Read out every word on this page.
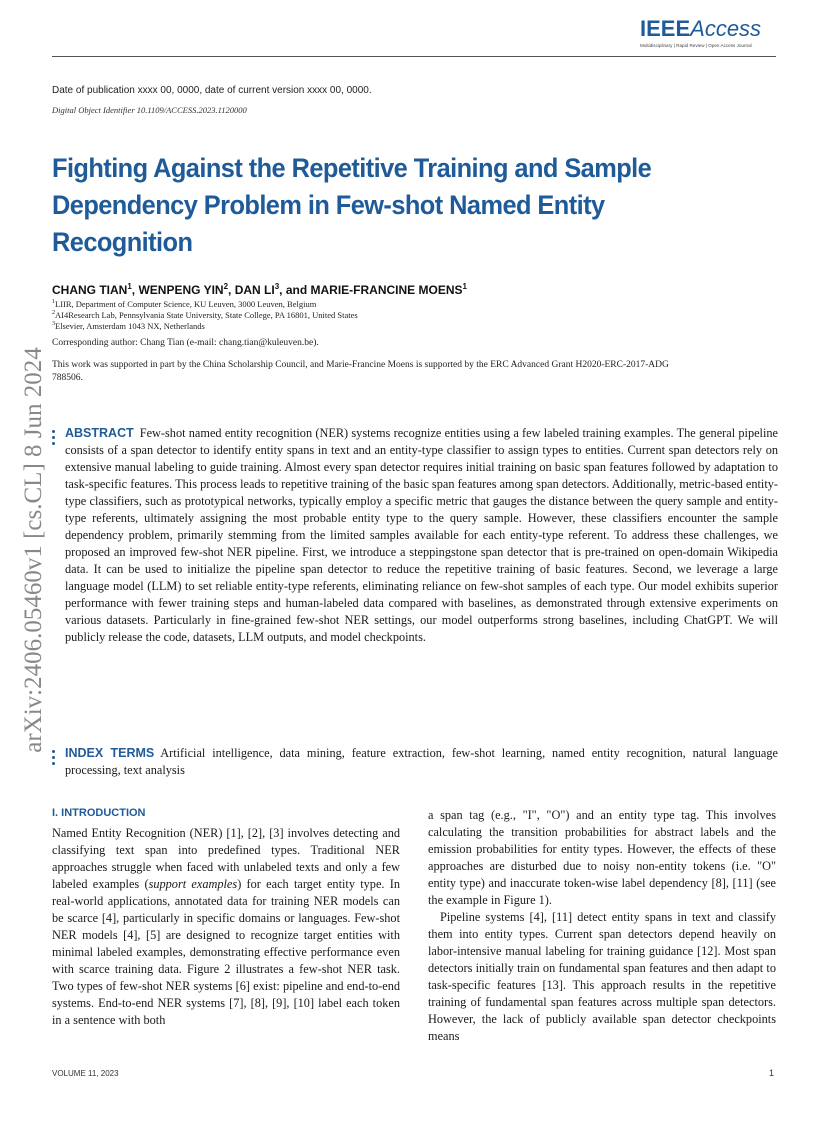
IEEEAccess
Multidisciplinary | Rapid Review | Open Access Journal
Date of publication xxxx 00, 0000, date of current version xxxx 00, 0000.
Digital Object Identifier 10.1109/ACCESS.2023.1120000
Fighting Against the Repetitive Training and Sample Dependency Problem in Few-shot Named Entity Recognition
CHANG TIAN$^1$, WENPENG YIN$^2$, DAN $LI^3$, and MARIE-FRANCINE MOENS$^1$
$^1$LIIR, Department of Computer Science, KU Leuven, 3000 Leuven, Belgium
$^2$AI4Research Lab, Pennsylvania State University, State College, PA 16801, United States
$^3$Elsevier, Amsterdam 1043 NX, Netherlands
Corresponding author: Chang Tian (e-mail: chang.tian@kuleuven.be).
This work was supported in part by the China Scholarship Council, and Marie-Francine Moens is supported by the ERC Advanced Grant H2020-ERC-2017-ADG 788506.
arXiv:2406.05460v1 [cs.CL] 8 Jun 2024 ABSTRACT Few-shot named entity recognition (NER) systems recognize entities using a few labeled training examples. The general pipeline consists of a span detector to identify entity spans in text and an entity-type classifier to assign types to entities. Current span detectors rely on extensive manual labeling to guide training. Almost every span detector requires initial training on basic span features followed by adaptation to task-specific features. This process leads to repetitive training of the basic span features among span detectors. Additionally, metric-based entity-type classifiers, such as prototypical networks, typically employ a specific metric that gauges the distance between the query sample and entity-type referents, ultimately assigning the most probable entity type to the query sample. However, these classifiers encounter the sample dependency problem, primarily stemming from the limited samples available for each entity-type referent. To address these challenges, we proposed an improved few-shot NER pipeline. First, we introduce a steppingstone span detector that is pre-trained on open-domain Wikipedia data. It can be used to initialize the pipeline span detector to reduce the repetitive training of basic features. Second, we leverage a large language model (LLM) to set reliable entity-type referents, eliminating reliance on few-shot samples of each type. Our model exhibits superior performance with fewer training steps and human-labeled data compared with baselines, as demonstrated through extensive experiments on various datasets. Particularly in fine-grained few-shot NER settings, our model outperforms strong baselines, including ChatGPT. We will publicly release the code, datasets, LLM outputs, and model checkpoints.

INDEX TERMS Artificial intelligence, data mining, feature extraction, few-shot learning, named entity recognition, natural language processing, text analysis

I. INTRODUCTION

Named Entity Recognition (NER) [1], [2], [3] involves detecting and classifying text span into predefined types. Traditional NER approaches struggle when faced with unlabeled texts and only a few labeled examples (support examples) for each target entity type. In real-world applications, annotated data for training NER models can be scarce [4], particularly in specific domains or languages. Few-shot NER models [4], [5] are designed to recognize target entities with minimal labeled examples, demonstrating effective performance even with scarce training data. Figure 2 illustrates a few-shot NER task. Two types of few-shot NER systems [6] exist: pipeline and end-to-end systems. End-to-end NER systems [7], [8], [9], [10] label each token in a sentence with both

a span tag (e.g., "I", "O") and an entity type tag. This involves calculating the transition probabilities for abstract labels and the emission probabilities for entity types. However, the effects of these approaches are disturbed due to noisy non-entity tokens (i.e. "O" entity type) and inaccurate token-wise label dependency [8], [11] (see the example in Figure 1).

Pipeline systems [4], [11] detect entity spans in text and classify them into entity types. Current span detectors depend heavily on labor-intensive manual labeling for training guidance [12]. Most span detectors initially train on fundamental span features and then adapt to task-specific features [13]. This approach results in the repetitive training of fundamental span features across multiple span detectors. However, the lack of publicly available span detector checkpoints means

VOLUME 11, 2023	1
